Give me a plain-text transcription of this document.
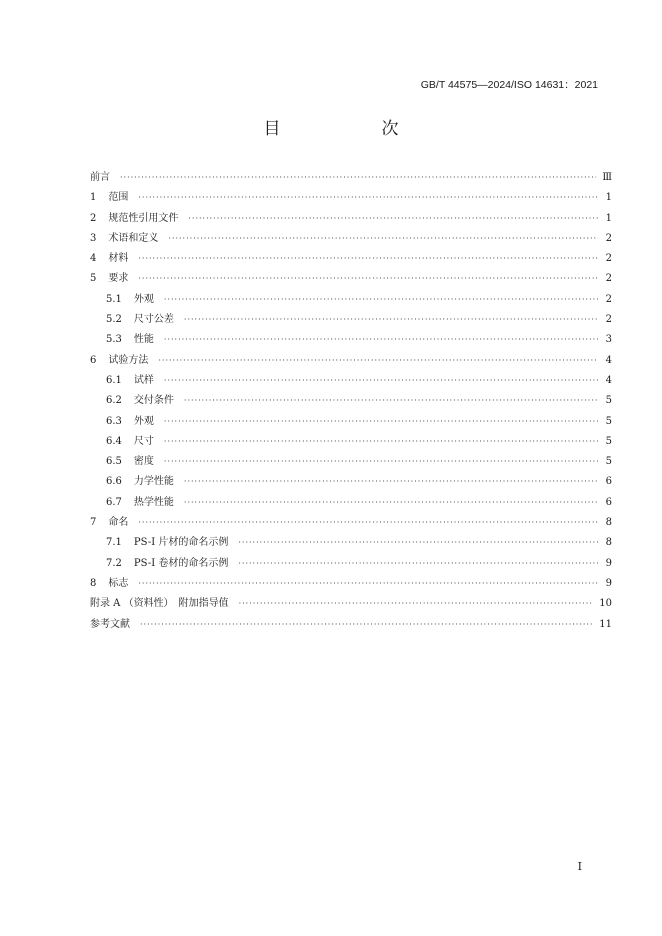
GB/T 44575—2024/ISO 14631：2021
目　次
前言 ·····	Ⅲ
1 范围 ·····	1
2 规范性引用文件 ·····	1
3 术语和定义 ·····	2
4 材料 ·····	2
5 要求 ·····	2
5.1 外观 ·····	2
5.2 尺寸公差 ·····	2
5.3 性能 ·····	3
6 试验方法 ·····	4
6.1 试样 ·····	4
6.2 交付条件 ·····	5
6.3 外观 ·····	5
6.4 尺寸 ·····	5
6.5 密度 ·····	5
6.6 力学性能 ·····	6
6.7 热学性能 ·····	6
7 命名 ·····	8
7.1 PS-I 片材的命名示例 ·····	8
7.2 PS-I 卷材的命名示例 ·····	9
8 标志 ·····	9
附录 A （资料性）　附加指导值 ·····	10
参考文献 ·····	11
I
